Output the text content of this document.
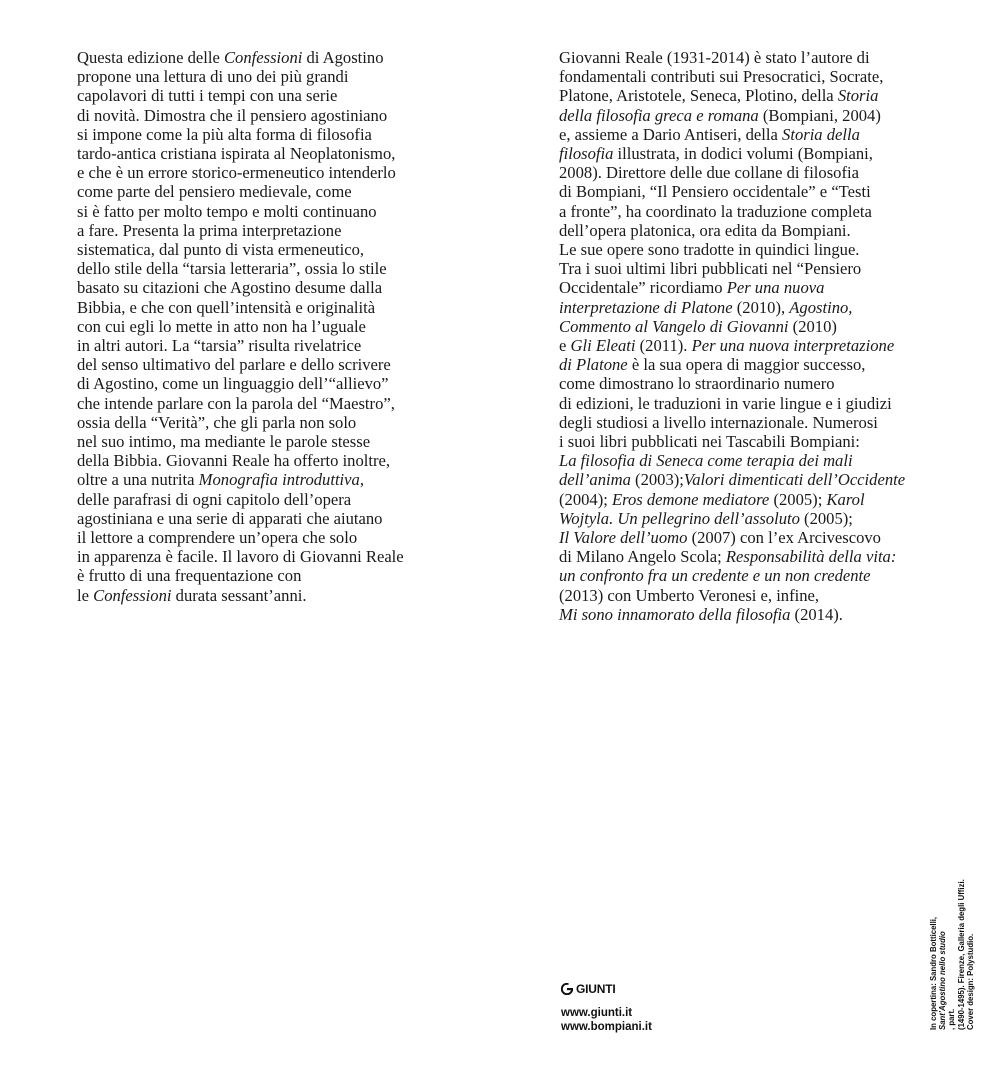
Questa edizione delle Confessioni di Agostino
propone una lettura di uno dei più grandi
capolavori di tutti i tempi con una serie
di novità. Dimostra che il pensiero agostiniano
si impone come la più alta forma di filosofia
tardo-antica cristiana ispirata al Neoplatonismo,
e che è un errore storico-ermeneutico intenderlo
come parte del pensiero medievale, come
si è fatto per molto tempo e molti continuano
a fare. Presenta la prima interpretazione
sistematica, dal punto di vista ermeneutico,
dello stile della “tarsia letteraria”, ossia lo stile
basato su citazioni che Agostino desume dalla
Bibbia, e che con quell’intensità e originalità
con cui egli lo mette in atto non ha l’uguale
in altri autori. La “tarsia” risulta rivelatrice
del senso ultimativo del parlare e dello scrivere
di Agostino, come un linguaggio dell’“allievo”
che intende parlare con la parola del “Maestro”,
ossia della “Verità”, che gli parla non solo
nel suo intimo, ma mediante le parole stesse
della Bibbia. Giovanni Reale ha offerto inoltre,
oltre a una nutrita Monografia introduttiva,
delle parafrasi di ogni capitolo dell’opera
agostiniana e una serie di apparati che aiutano
il lettore a comprendere un’opera che solo
in apparenza è facile. Il lavoro di Giovanni Reale
è frutto di una frequentazione con
le Confessioni durata sessant’anni.
Giovanni Reale (1931-2014) è stato l’autore di
fondamentali contributi sui Presocratici, Socrate,
Platone, Aristotele, Seneca, Plotino, della Storia
della filosofia greca e romana (Bompiani, 2004)
e, assieme a Dario Antiseri, della Storia della
filosofia illustrata, in dodici volumi (Bompiani,
2008). Direttore delle due collane di filosofia
di Bompiani, “Il Pensiero occidentale” e “Testi
a fronte”, ha coordinato la traduzione completa
dell’opera platonica, ora edita da Bompiani.
Le sue opere sono tradotte in quindici lingue.
Tra i suoi ultimi libri pubblicati nel “Pensiero
Occidentale” ricordiamo Per una nuova
interpretazione di Platone (2010), Agostino,
Commento al Vangelo di Giovanni (2010)
e Gli Eleati (2011). Per una nuova interpretazione
di Platone è la sua opera di maggior successo,
come dimostrano lo straordinario numero
di edizioni, le traduzioni in varie lingue e i giudizi
degli studiosi a livello internazionale. Numerosi
i suoi libri pubblicati nei Tascabili Bompiani:
La filosofia di Seneca come terapia dei mali
dell’anima (2003);Valori dimenticati dell’Occidente
(2004); Eros demone mediatore (2005); Karol
Wojtyla. Un pellegrino dell’assoluto (2005);
Il Valore dell’uomo (2007) con l’ex Arcivescovo
di Milano Angelo Scola; Responsabilità della vita:
un confronto fra un credente e un non credente
(2013) con Umberto Veronesi e, infine,
Mi sono innamorato della filosofia (2014).
GIUNTI
www.giunti.it
www.bompiani.it	In copertina: Sandro Botticelli, Sant’Agostino nello studio , part. (1490-1495). Firenze, Galleria degli Uffizi. Cover design: Polystudio.
